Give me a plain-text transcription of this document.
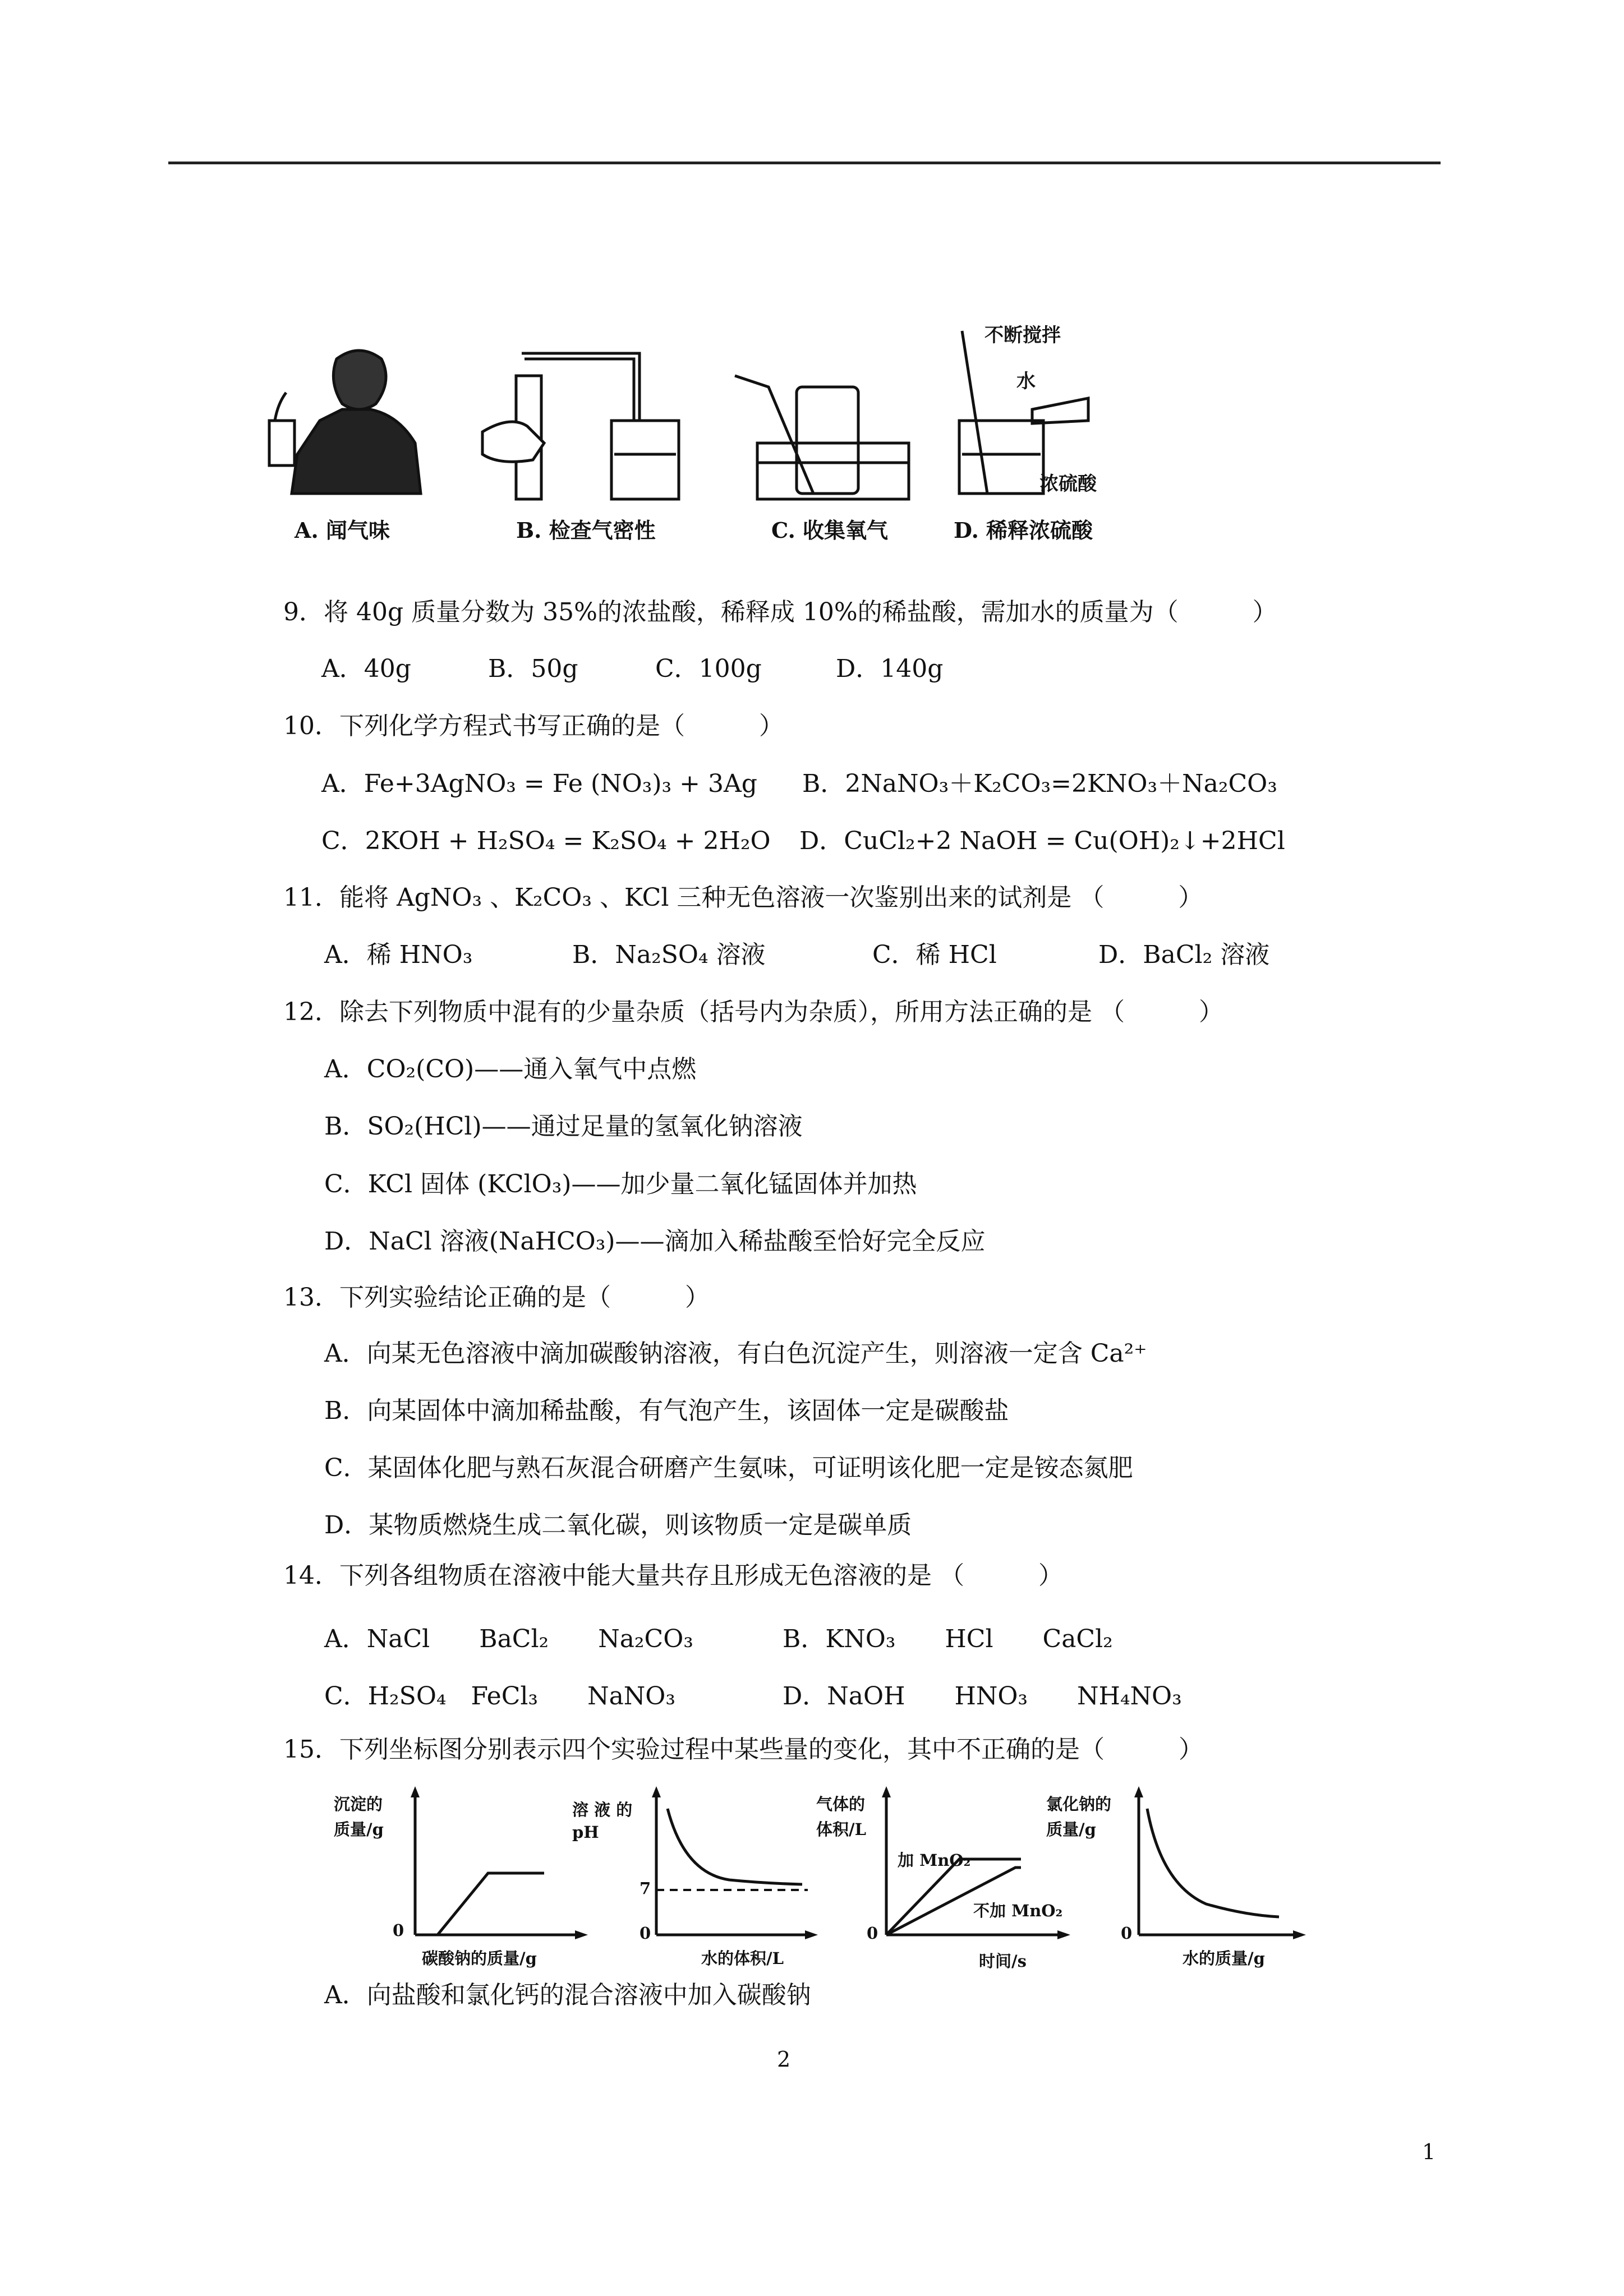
A. 闻气味	B. 检查气密性	C. 收集氧气
不断搅拌
水
浓硫酸
D. 稀释浓硫酸
9．将 40g 质量分数为 35%的浓盐酸，稀释成 10%的稀盐酸，需加水的质量为（　　　）
A．40g	B．50g	C．100g	D．140g
10．下列化学方程式书写正确的是（　　　）
A．Fe+3AgNO₃ = Fe (NO₃)₃ + 3Ag B．2NaNO₃＋K₂CO₃=2KNO₃＋Na₂CO₃
C．2KOH + H₂SO₄ = K₂SO₄ + 2H₂O D．CuCl₂+2 NaOH = Cu(OH)₂↓+2HCl
11．能将 AgNO₃ 、K₂CO₃ 、KCl 三种无色溶液一次鉴别出来的试剂是 （　　　）
A．稀 HNO₃	B．Na₂SO₄ 溶液	C．稀 HCl	D．BaCl₂ 溶液
12．除去下列物质中混有的少量杂质（括号内为杂质），所用方法正确的是 （　　　）
A．CO₂(CO)——通入氧气中点燃
B．SO₂(HCl)——通过足量的氢氧化钠溶液
C．KCl 固体 (KClO₃)——加少量二氧化锰固体并加热
D．NaCl 溶液(NaHCO₃)——滴加入稀盐酸至恰好完全反应
13．下列实验结论正确的是（　　　）
A．向某无色溶液中滴加碳酸钠溶液，有白色沉淀产生，则溶液一定含 Ca²⁺
B．向某固体中滴加稀盐酸，有气泡产生，该固体一定是碳酸盐
C．某固体化肥与熟石灰混合研磨产生氨味，可证明该化肥一定是铵态氮肥
D．某物质燃烧生成二氧化碳，则该物质一定是碳单质
14．下列各组物质在溶液中能大量共存且形成无色溶液的是 （　　　）
A．NaCl　　BaCl₂　　Na₂CO₃	B．KNO₃　　HCl　　CaCl₂
C．H₂SO₄　FeCl₃　　NaNO₃	D．NaOH　　HNO₃　　NH₄NO₃
15．下列坐标图分别表示四个实验过程中某些量的变化，其中不正确的是（　　　）
沉淀的
质量/g
0
碳酸钠的质量/g
溶 液 的
pH
7
0
水的体积/L
气体的
体积/L
加 MnO₂
不加 MnO₂
0
时间/s
氯化钠的
质量/g
0
水的质量/g
A．向盐酸和氯化钙的混合溶液中加入碳酸钠
2
1
